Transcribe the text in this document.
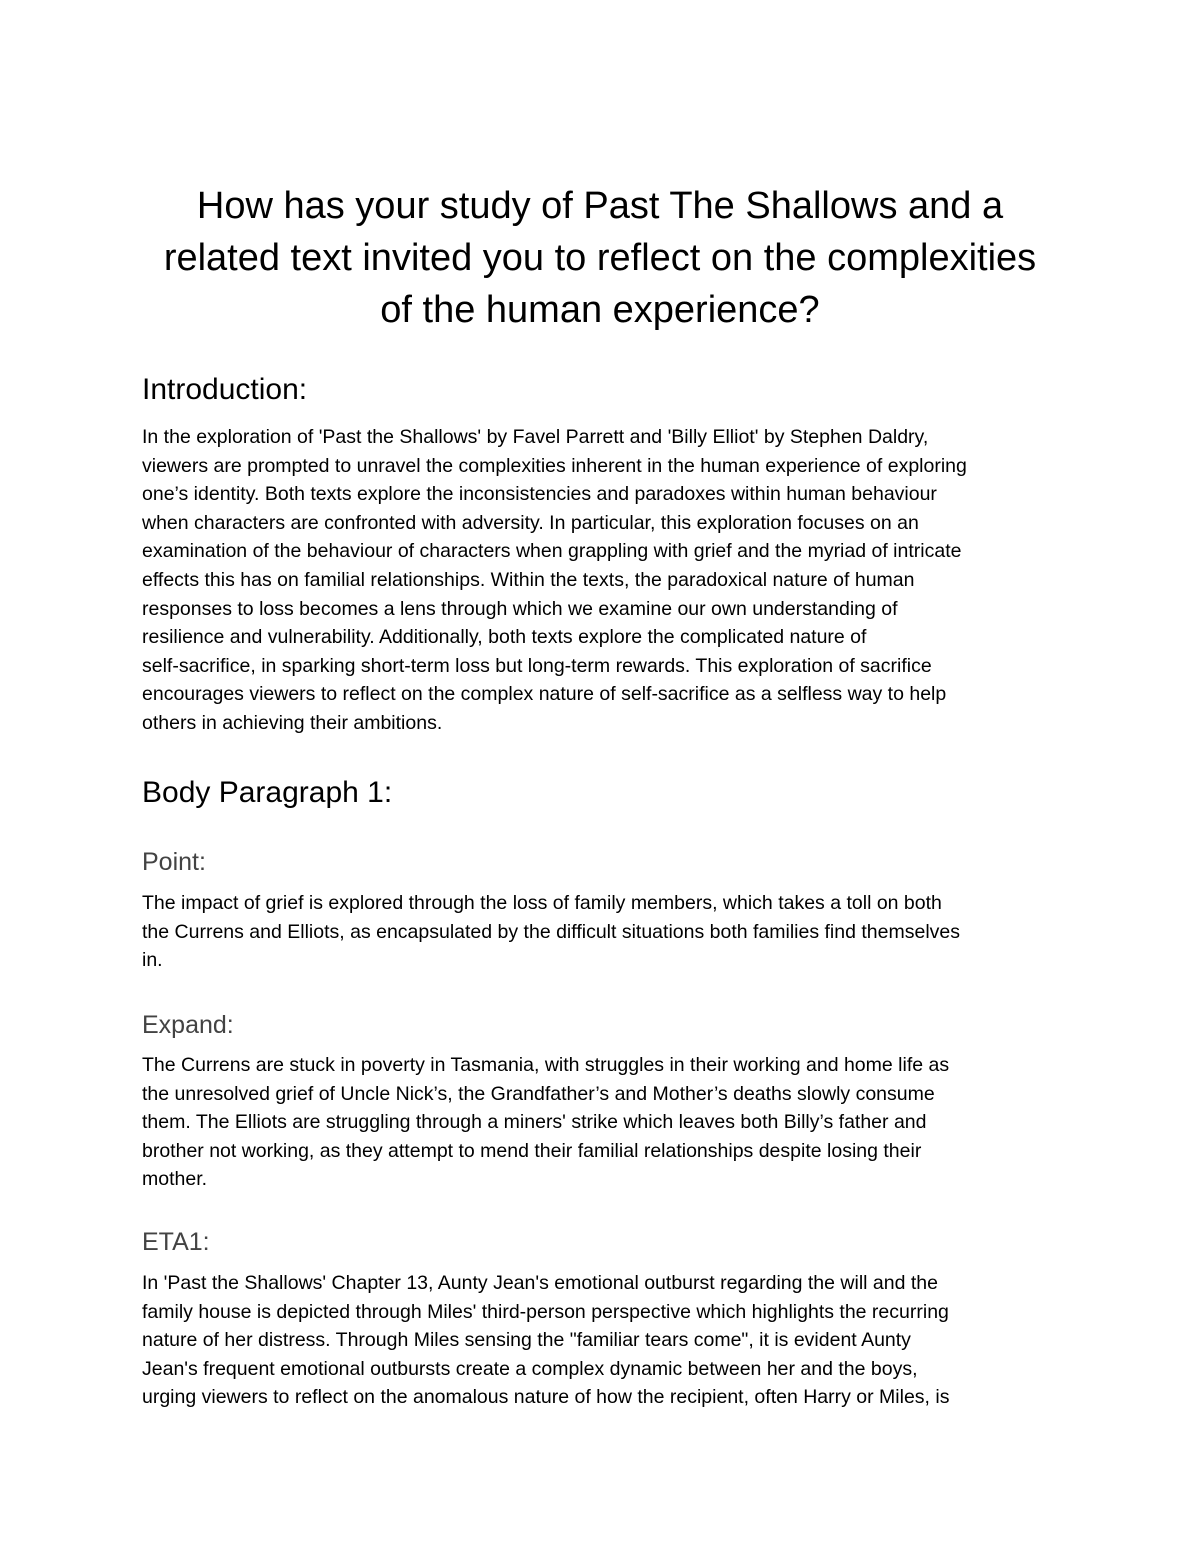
How has your study of Past The Shallows and a
related text invited you to reflect on the complexities
of the human experience?
Introduction:

In the exploration of 'Past the Shallows' by Favel Parrett and 'Billy Elliot' by Stephen Daldry,
viewers are prompted to unravel the complexities inherent in the human experience of exploring
one’s identity. Both texts explore the inconsistencies and paradoxes within human behaviour
when characters are confronted with adversity. In particular, this exploration focuses on an
examination of the behaviour of characters when grappling with grief and the myriad of intricate
effects this has on familial relationships. Within the texts, the paradoxical nature of human
responses to loss becomes a lens through which we examine our own understanding of
resilience and vulnerability. Additionally, both texts explore the complicated nature of
self-sacrifice, in sparking short-term loss but long-term rewards. This exploration of sacrifice
encourages viewers to reflect on the complex nature of self-sacrifice as a selfless way to help
others in achieving their ambitions.

Body Paragraph 1:
Point:

The impact of grief is explored through the loss of family members, which takes a toll on both
the Currens and Elliots, as encapsulated by the difficult situations both families find themselves
in.

Expand:

The Currens are stuck in poverty in Tasmania, with struggles in their working and home life as
the unresolved grief of Uncle Nick’s, the Grandfather’s and Mother’s deaths slowly consume
them. The Elliots are struggling through a miners' strike which leaves both Billy’s father and
brother not working, as they attempt to mend their familial relationships despite losing their
mother.

ETA1:

In 'Past the Shallows' Chapter 13, Aunty Jean's emotional outburst regarding the will and the
family house is depicted through Miles' third-person perspective which highlights the recurring
nature of her distress. Through Miles sensing the "familiar tears come", it is evident Aunty
Jean's frequent emotional outbursts create a complex dynamic between her and the boys,
urging viewers to reflect on the anomalous nature of how the recipient, often Harry or Miles, is
